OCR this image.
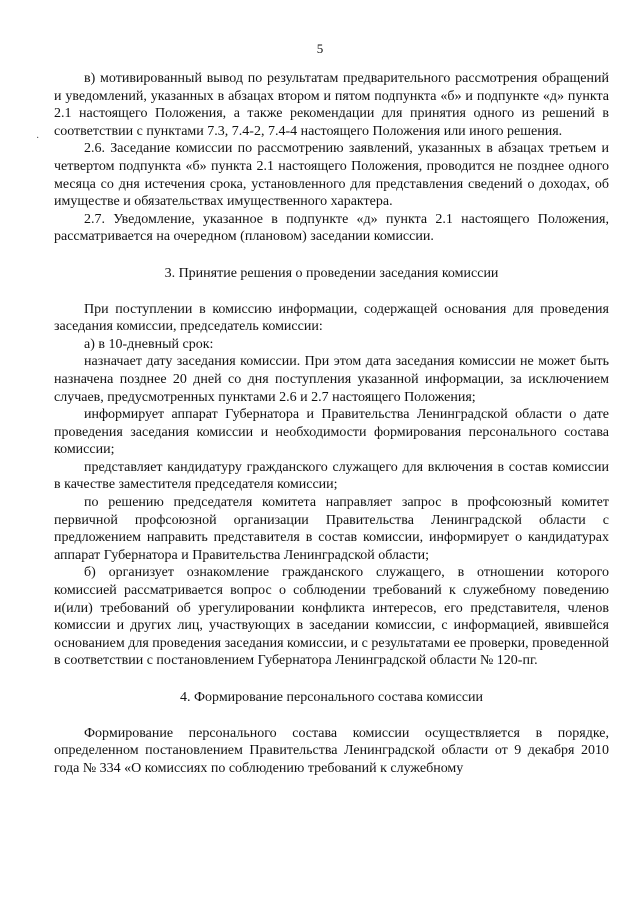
5
·

в) мотивированный вывод по результатам предварительного рассмотрения обращений и уведомлений, указанных в абзацах втором и пятом подпункта «б» и подпункте «д» пункта 2.1 настоящего Положения, а также рекомендации для принятия одного из решений в соответствии с пунктами 7.3, 7.4-2, 7.4-4 настоящего Положения или иного решения.

2.6. Заседание комиссии по рассмотрению заявлений, указанных в абзацах третьем и четвертом подпункта «б» пункта 2.1 настоящего Положения, проводится не позднее одного месяца со дня истечения срока, установленного для представления сведений о доходах, об имуществе и обязательствах имущественного характера.

2.7. Уведомление, указанное в подпункте «д» пункта 2.1 настоящего Положения, рассматривается на очередном (плановом) заседании комиссии.

3. Принятие решения о проведении заседания комиссии

При поступлении в комиссию информации, содержащей основания для проведения заседания комиссии, председатель комиссии:

а) в 10-дневный срок:

назначает дату заседания комиссии. При этом дата заседания комиссии не может быть назначена позднее 20 дней со дня поступления указанной информации, за исключением случаев, предусмотренных пунктами 2.6 и 2.7 настоящего Положения;

информирует аппарат Губернатора и Правительства Ленинградской области о дате проведения заседания комиссии и необходимости формирования персонального состава комиссии;

представляет кандидатуру гражданского служащего для включения в состав комиссии в качестве заместителя председателя комиссии;

по решению председателя комитета направляет запрос в профсоюзный комитет первичной профсоюзной организации Правительства Ленинградской области с предложением направить представителя в состав комиссии, информирует о кандидатурах аппарат Губернатора и Правительства Ленинградской области;

б) организует ознакомление гражданского служащего, в отношении которого комиссией рассматривается вопрос о соблюдении требований к служебному поведению и(или) требований об урегулировании конфликта интересов, его представителя, членов комиссии и других лиц, участвующих в заседании комиссии, с информацией, явившейся основанием для проведения заседания комиссии, и с результатами ее проверки, проведенной в соответствии с постановлением Губернатора Ленинградской области № 120-пг.

4. Формирование персонального состава комиссии

Формирование персонального состава комиссии осуществляется в порядке, определенном постановлением Правительства Ленинградской области от 9 декабря 2010 года № 334 «О комиссиях по соблюдению требований к служебному
